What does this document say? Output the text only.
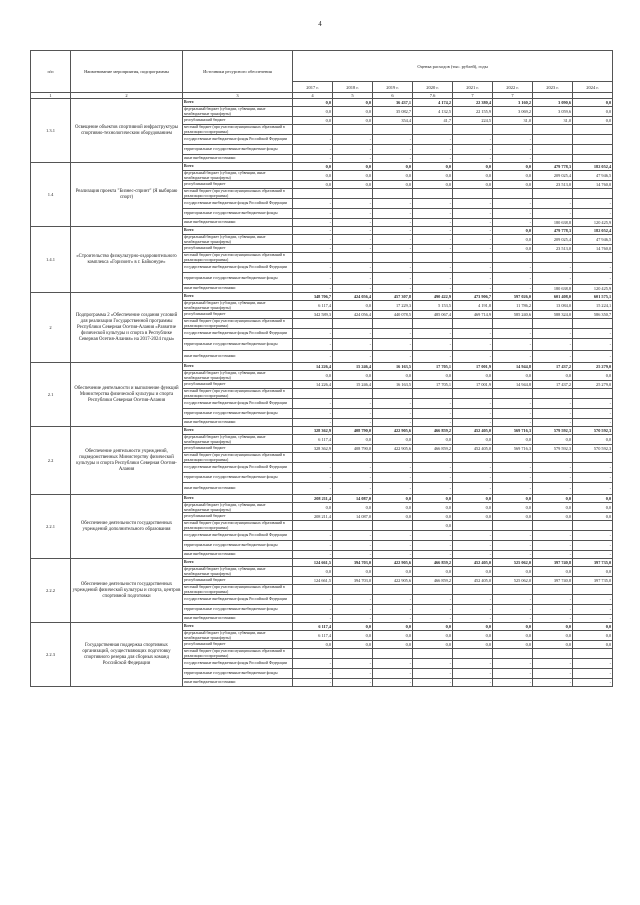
4
п/п	Наименование мероприятия, подпрограммы	Источники ресурсного обеспечения	Оценка расходов (тыс. рублей), годы							
			2017 г.	2018 г.	2019 г.	2020 г.	2021 г.	2022 г.	2023 г.	2024 г.
1	2	3	4	5	6	7.6	7	7		
1.3.1	Освещение объектов спортивной инфраструктуры спортивно-технологическим оборудованием	Всего	0,0	0,0	36 437,1	4 174,2	22 380,4	3 160,2	3 090,6	0,0
		федеральный бюджет (субсидии, субвенции, иные межбюджетные трансферты)	0,0	0,0	35 082,7	4 132,5	22 155,9	3 069,2	3 059,6	0,0
		республиканский бюджет	0,0	0,0	354,4	41,7	224,5	31,0	31,0	0,0
		местный бюджет (при участии муниципальных образований в реализации госпрограммы)								
		государственные внебюджетные фонды Российской Федерации	-	-	-	-	-	-		
		территориальные государственные внебюджетные фонды	-	-	-	-	-	-		
		иные внебюджетные источники	-	-	-	-	-	-		
1.4	Реализация проекта "Бизнес-спринт" (Я выбираю спорт)	Всего	0,0	0,0	0,0	0,0	0,0	0,0	479 778,3	182 052,4
		федеральный бюджет (субсидии, субвенции, иные межбюджетные трансферты)	0,0	0,0	0,0	0,0	0,0	0,0	209 025,4	47 946,5
		республиканский бюджет	0,0	0,0	0,0	0,0	0,0	0,0	23 513,0	14 760,0
		местный бюджет (при участии муниципальных образований в реализации госпрограммы)								
		государственные внебюджетные фонды Российской Федерации	-	-	-	-	-	-	-	-
		территориальные государственные внебюджетные фонды	-	-	-	-	-	-	-	-
		иные внебюджетные источники	-	-	-	-	-	-	180 638,8	120 425,9
1.4.1	«Строительство физкультурно-оздоровительного комплекса «Горизонт» в г. Байконуре»	Всего	-	-	-	-	-	0,0	479 778,3	182 052,4
		федеральный бюджет (субсидии, субвенции, иные межбюджетные трансферты)	-	-	-	-	-	0,0	209 025,4	47 946,5
		республиканский бюджет	-	-	-	-	-	0,0	23 513,0	14 760,0
		местный бюджет (при участии муниципальных образований в реализации госпрограммы)								
		государственные внебюджетные фонды Российской Федерации	-	-	-	-	-	-	-	-
		территориальные государственные внебюджетные фонды	-	-	-	-	-	-	-	-
		иные внебюджетные источники	-	-	-	-	-	-	180 638,8	120 425,9
2	Подпрограмма 2 «Обеспечение создания условий для реализации Государственной программы Республики Северная Осетия-Алания «Развитие физической культуры и спорта в Республике Северная Осетия-Алания» на 2017-2024 годы»	Всего	348 706,7	424 056,4	457 307,8	490 422,9	473 906,7	597 026,0	601 408,0	601 575,1
		федеральный бюджет (субсидии, субвенции, иные межбюджетные трансферты)	6 117,4	0,0	17 229,3	5 153,5	4 191,8	11 786,2	13 084,0	15 224,1
		республиканский бюджет	342 589,3	424 056,4	440 078,5	485 067,4	469 714,9	585 240,6	588 324,0	586 350,7
		местный бюджет (при участии муниципальных образований в реализации госпрограммы)								
		государственные внебюджетные фонды Российской Федерации	-	-	-	-	-	-	-	-
		территориальные государственные внебюджетные фонды	-	-	-	-	-	-	-	-
		иные внебюджетные источники	-	-	-	-	-	-	-	-
2.1	Обеспечение деятельности и выполнение функций Министерства физической культуры и спорта Республики Северная Осетия-Алания	Всего	14 226,4	15 246,4	16 163,5	17 705,1	17 001,9	14 944,8	17 437,2	25 279,0
		федеральный бюджет (субсидии, субвенции, иные межбюджетные трансферты)	0,0	0,0	0,0	0,0	0,0	0,0	0,0	0,0
		республиканский бюджет	14 226,4	15 246,4	16 163,5	17 705,1	17 001,9	14 944,8	17 437,2	25 279,0
		местный бюджет (при участии муниципальных образований в реализации госпрограммы)								
		государственные внебюджетные фонды Российской Федерации	-	-	-	-	-	-	-	-
		территориальные государственные внебюджетные фонды	-	-	-	-	-	-	-	-
		иные внебюджетные источники	-	-	-	-	-	-	-	-
2.2	Обеспечение деятельности учреждений, подведомственных Министерству физической культуры и спорта Республики Северная Осетия-Алания	Всего	328 362,9	408 790,0	422 905,6	466 859,2	452 405,0	569 716,3	579 592,3	570 592,3
		федеральный бюджет (субсидии, субвенции, иные межбюджетные трансферты)	6 117,4	0,0	0,0	0,0	0,0	0,0	0,0	0,0
		республиканский бюджет	328 362,9	408 790,0	422 905,6	466 859,2	452 405,0	569 716,3	579 592,3	570 592,3
		местный бюджет (при участии муниципальных образований в реализации госпрограммы)								
		государственные внебюджетные фонды Российской Федерации	-	-	-	-	-	-	-	-
		территориальные государственные внебюджетные фонды	-	-	-	-	-	-	-	-
		иные внебюджетные источники	-	-	-	-	-	-	-	-
2.2.1	Обеспечение деятельности государственных учреждений дополнительного образования	Всего	208 211,4	14 087,0	0,0	0,0	0,0	0,0	0,0	0,0
		федеральный бюджет (субсидии, субвенции, иные межбюджетные трансферты)	0,0	0,0	0,0	0,0	0,0	0,0	0,0	0,0
		республиканский бюджет	208 211,4	14 087,0	0,0	0,0	0,0	0,0	0,0	0,0
		местный бюджет (при участии муниципальных образований в реализации госпрограммы)				0,0				
		государственные внебюджетные фонды Российской Федерации	-	-	-	-	-	-	-	-
		территориальные государственные внебюджетные фонды	-	-	-	-	-	-	-	-
		иные внебюджетные источники	-	-	-	-	-	-	-	-
2.2.2	Обеспечение деятельности государственных учреждений физической культуры и спорта, центров спортивной подготовки	Всего	124 661,5	394 703,0	422 905,6	466 859,2	452 405,0	525 062,0	397 740,8	397 735,0
		федеральный бюджет (субсидии, субвенции, иные межбюджетные трансферты)	0,0	0,0	0,0	0,0	0,0	0,0	0,0	0,0
		республиканский бюджет	124 661,5	394 703,0	422 905,6	466 859,2	452 405,0	525 062,0	397 740,8	397 735,0
		местный бюджет (при участии муниципальных образований в реализации госпрограммы)								
		государственные внебюджетные фонды Российской Федерации	-	-	-	-	-	-	-	-
		территориальные государственные внебюджетные фонды	-	-	-	-	-	-	-	-
		иные внебюджетные источники	-	-	-	-	-	-	-	-
2.2.3	Государственная поддержка спортивных организаций, осуществляющих подготовку спортивного резерва для сборных команд Российской Федерации	Всего	6 117,4	0,0	0,0	0,0	0,0	0,0	0,0	0,0
		федеральный бюджет (субсидии, субвенции, иные межбюджетные трансферты)	6 117,4	0,0	0,0	0,0	0,0	0,0	0,0	0,0
		республиканский бюджет	0,0	0,0	0,0	0,0	0,0	0,0	0,0	0,0
		местный бюджет (при участии муниципальных образований в реализации госпрограммы)								
		государственные внебюджетные фонды Российской Федерации	-	-	-	-	-	-	-	-
		территориальные государственные внебюджетные фонды	-	-	-	-	-	-	-	-
		иные внебюджетные источники	-	-	-	-	-	-	-	-
